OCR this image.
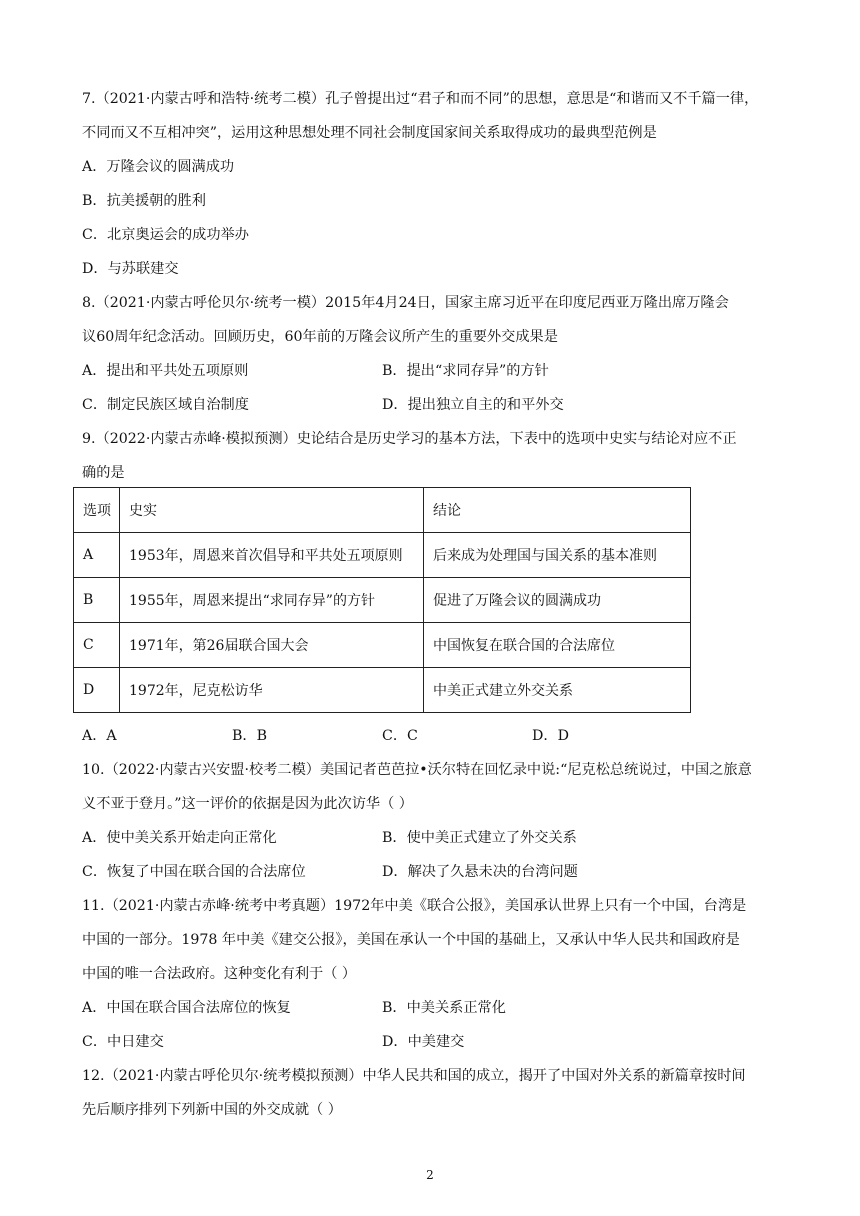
7.（2021·内蒙古呼和浩特·统考二模）孔子曾提出过“君子和而不同”的思想，意思是“和谐而又不千篇一律，
不同而又不互相冲突”，运用这种思想处理不同社会制度国家间关系取得成功的最典型范例是
A．万隆会议的圆满成功
B．抗美援朝的胜利
C．北京奥运会的成功举办
D．与苏联建交
8.（2021·内蒙古呼伦贝尔·统考一模）2015年4月24日，国家主席习近平在印度尼西亚万隆出席万隆会
议60周年纪念活动。回顾历史，60年前的万隆会议所产生的重要外交成果是
A．提出和平共处五项原则	B．提出“求同存异”的方针
C．制定民族区域自治制度	D．提出独立自主的和平外交
9.（2022·内蒙古赤峰·模拟预测）史论结合是历史学习的基本方法，下表中的选项中史实与结论对应不正
确的是
选项	史实	结论
A	1953年，周恩来首次倡导和平共处五项原则	后来成为处理国与国关系的基本准则
B	1955年，周恩来提出“求同存异”的方针	促进了万隆会议的圆满成功
C	1971年，第26届联合国大会	中国恢复在联合国的合法席位
D	1972年，尼克松访华	中美正式建立外交关系
A．A	B．B	C．C	D．D
10.（2022·内蒙古兴安盟·校考二模）美国记者芭芭拉•沃尔特在回忆录中说:“尼克松总统说过，中国之旅意
义不亚于登月。”这一评价的依据是因为此次访华（ ）
A．使中美关系开始走向正常化	B．使中美正式建立了外交关系
C．恢复了中国在联合国的合法席位	D．解决了久悬未决的台湾问题
11.（2021·内蒙古赤峰·统考中考真题）1972年中美《联合公报》，美国承认世界上只有一个中国，台湾是
中国的一部分。1978 年中美《建交公报》，美国在承认一个中国的基础上，又承认中华人民共和国政府是
中国的唯一合法政府。这种变化有利于（ ）
A．中国在联合国合法席位的恢复	B．中美关系正常化
C．中日建交	D．中美建交
12.（2021·内蒙古呼伦贝尔·统考模拟预测）中华人民共和国的成立，揭开了中国对外关系的新篇章按时间
先后顺序排列下列新中国的外交成就（ ）
2
